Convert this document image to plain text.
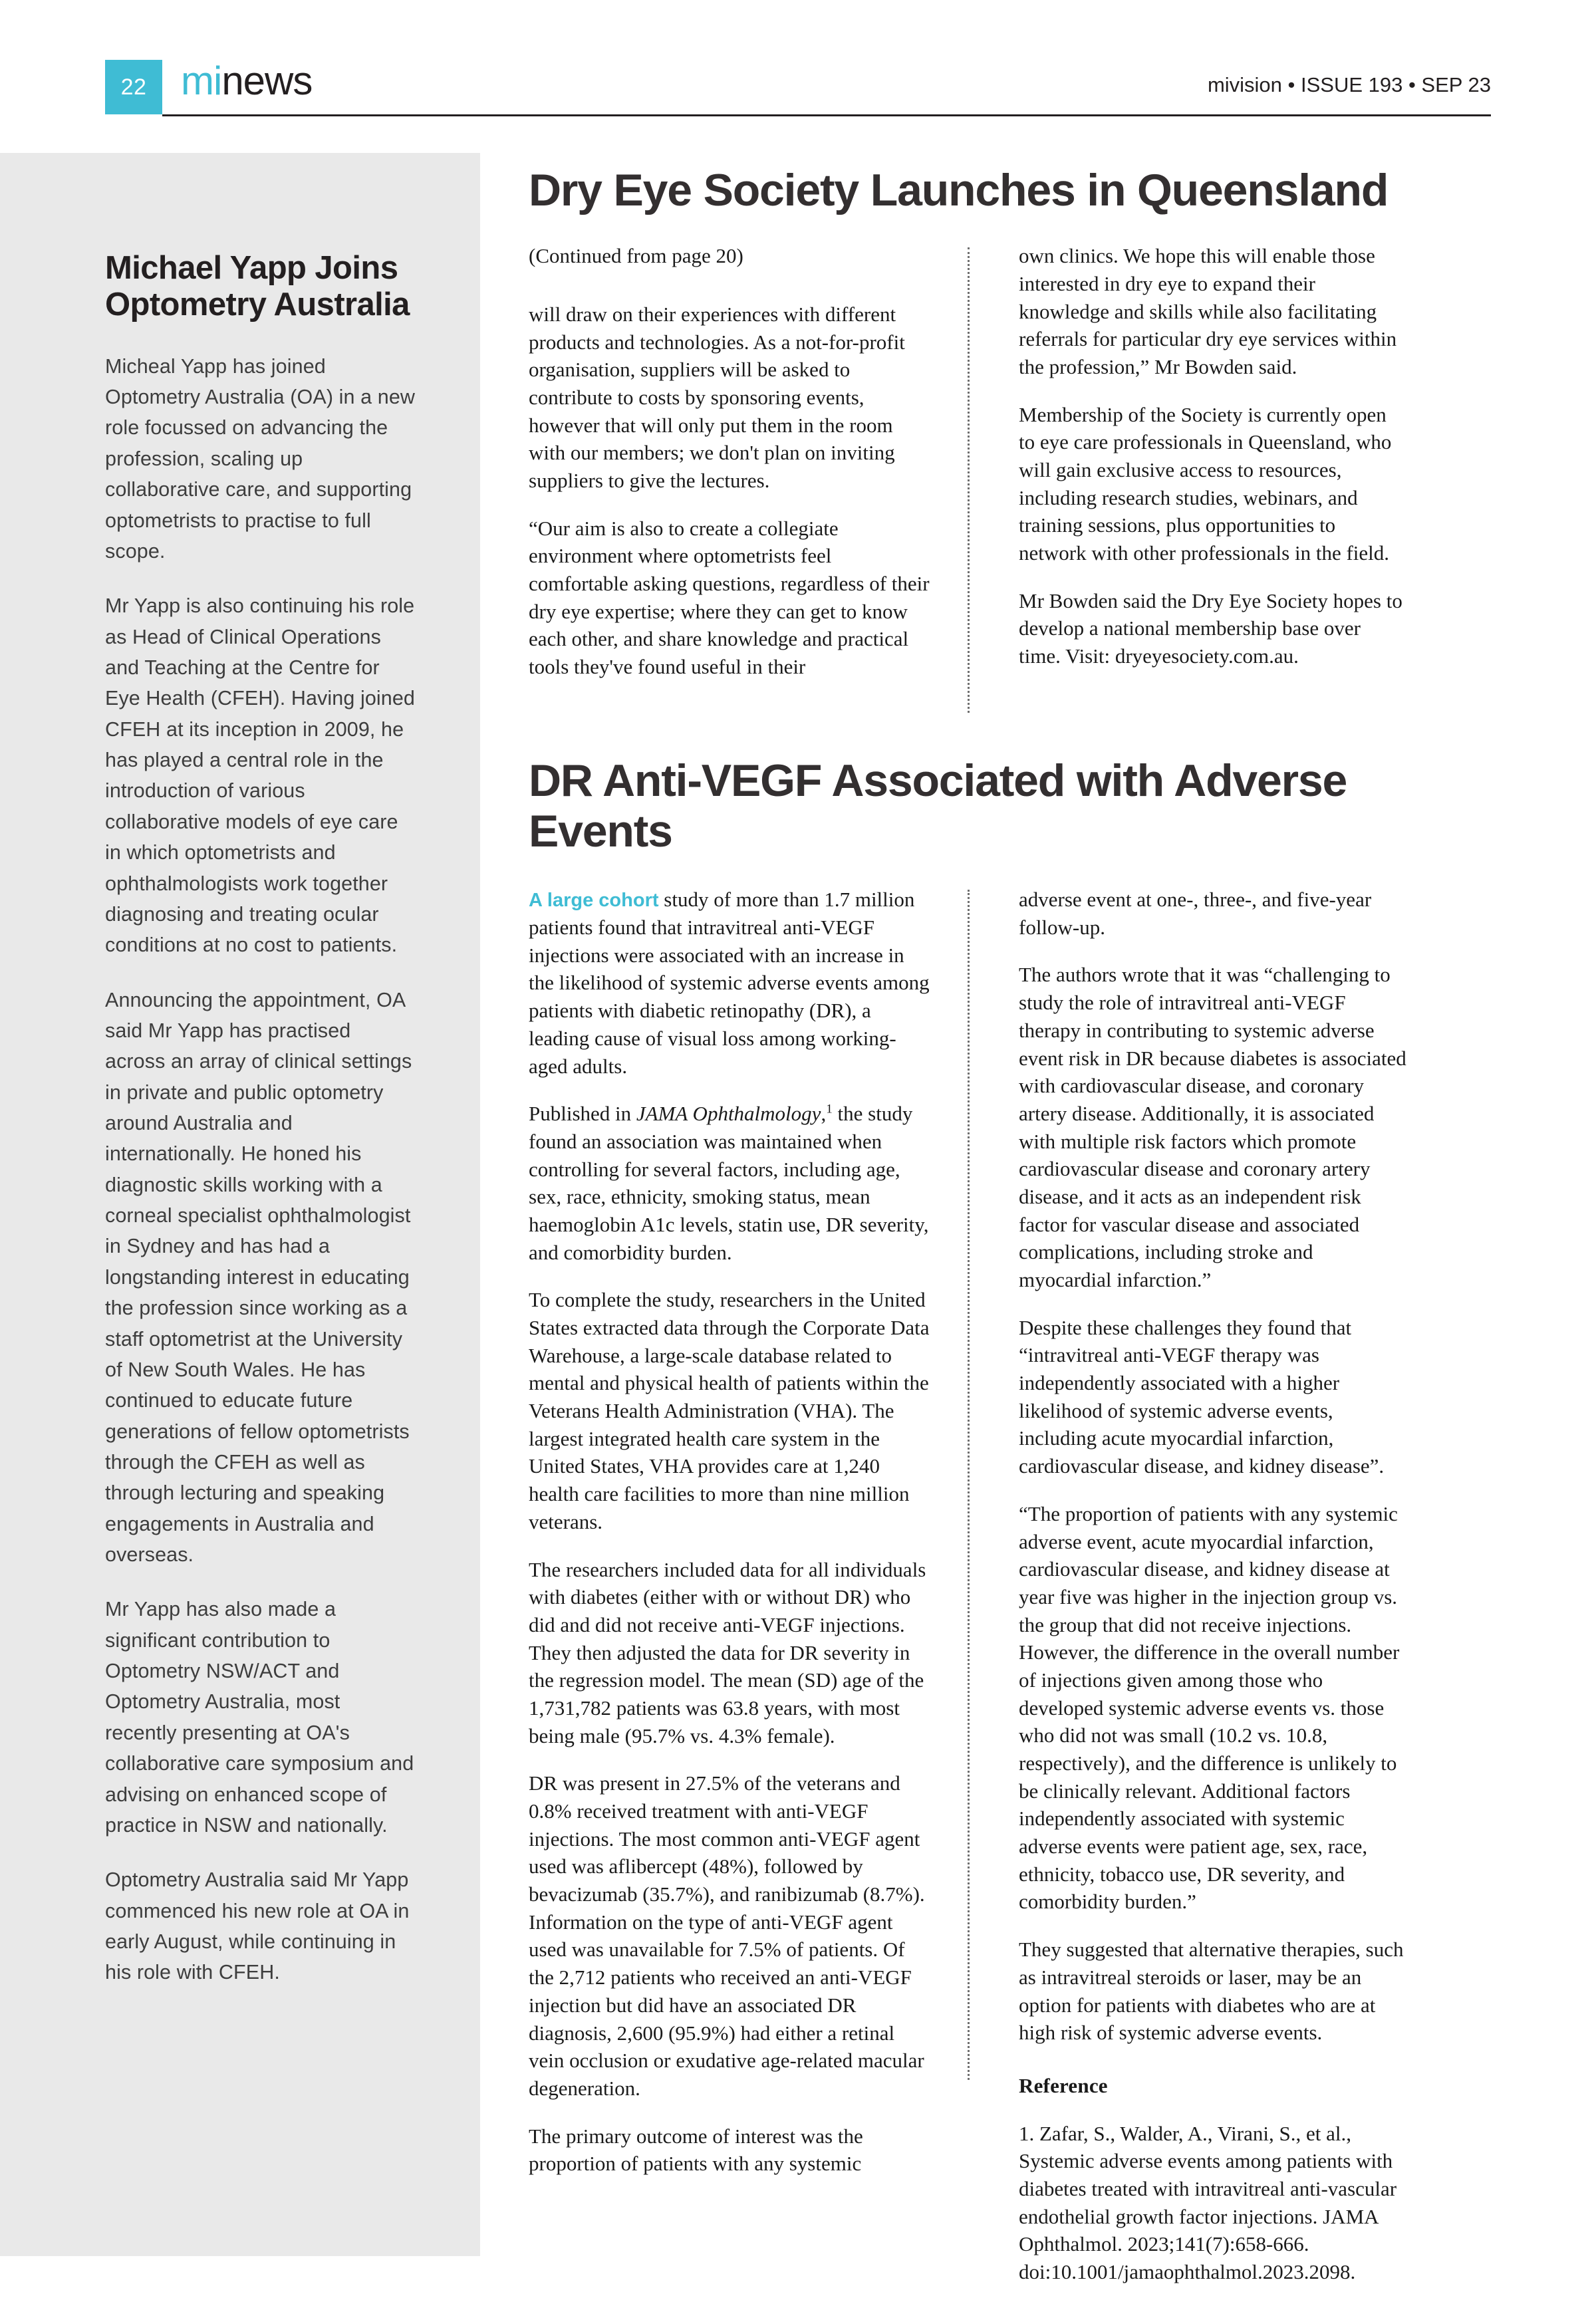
22 minews	mivision • ISSUE 193 • SEP 23
Michael Yapp Joins Optometry Australia

Micheal Yapp has joined Optometry Australia (OA) in a new role focussed on advancing the profession, scaling up collaborative care, and supporting optometrists to practise to full scope.

Mr Yapp is also continuing his role as Head of Clinical Operations and Teaching at the Centre for Eye Health (CFEH). Having joined CFEH at its inception in 2009, he has played a central role in the introduction of various collaborative models of eye care in which optometrists and ophthalmologists work together diagnosing and treating ocular conditions at no cost to patients.

Announcing the appointment, OA said Mr Yapp has practised across an array of clinical settings in private and public optometry around Australia and internationally. He honed his diagnostic skills working with a corneal specialist ophthalmologist in Sydney and has had a longstanding interest in educating the profession since working as a staff optometrist at the University of New South Wales. He has continued to educate future generations of fellow optometrists through the CFEH as well as through lecturing and speaking engagements in Australia and overseas.

Mr Yapp has also made a significant contribution to Optometry NSW/ACT and Optometry Australia, most recently presenting at OA's collaborative care symposium and advising on enhanced scope of practice in NSW and nationally.

Optometry Australia said Mr Yapp commenced his new role at OA in early August, while continuing in his role with CFEH.

Dry Eye Society Launches in Queensland

(Continued from page 20)

will draw on their experiences with different products and technologies. As a not-for-profit organisation, suppliers will be asked to contribute to costs by sponsoring events, however that will only put them in the room with our members; we don't plan on inviting suppliers to give the lectures.

“Our aim is also to create a collegiate environment where optometrists feel comfortable asking questions, regardless of their dry eye expertise; where they can get to know each other, and share knowledge and practical tools they've found useful in their

own clinics. We hope this will enable those interested in dry eye to expand their knowledge and skills while also facilitating referrals for particular dry eye services within the profession,” Mr Bowden said.

Membership of the Society is currently open to eye care professionals in Queensland, who will gain exclusive access to resources, including research studies, webinars, and training sessions, plus opportunities to network with other professionals in the field.

Mr Bowden said the Dry Eye Society hopes to develop a national membership base over time. Visit: dryeyesociety.com.au.

DR Anti-VEGF Associated with Adverse Events

A large cohort study of more than 1.7 million patients found that intravitreal anti-VEGF injections were associated with an increase in the likelihood of systemic adverse events among patients with diabetic retinopathy (DR), a leading cause of visual loss among working-aged adults.

Published in JAMA Ophthalmology,$^1$ the study found an association was maintained when controlling for several factors, including age, sex, race, ethnicity, smoking status, mean haemoglobin A1c levels, statin use, DR severity, and comorbidity burden.

To complete the study, researchers in the United States extracted data through the Corporate Data Warehouse, a large-scale database related to mental and physical health of patients within the Veterans Health Administration (VHA). The largest integrated health care system in the United States, VHA provides care at 1,240 health care facilities to more than nine million veterans.

The researchers included data for all individuals with diabetes (either with or without DR) who did and did not receive anti-VEGF injections. They then adjusted the data for DR severity in the regression model. The mean (SD) age of the 1,731,782 patients was 63.8 years, with most being male (95.7% vs. 4.3% female).

DR was present in 27.5% of the veterans and 0.8% received treatment with anti-VEGF injections. The most common anti-VEGF agent used was aflibercept (48%), followed by bevacizumab (35.7%), and ranibizumab (8.7%). Information on the type of anti-VEGF agent used was unavailable for 7.5% of patients. Of the 2,712 patients who received an anti-VEGF injection but did have an associated DR diagnosis, 2,600 (95.9%) had either a retinal vein occlusion or exudative age-related macular degeneration.

The primary outcome of interest was the proportion of patients with any systemic

adverse event at one-, three-, and five-year follow-up.

The authors wrote that it was “challenging to study the role of intravitreal anti-VEGF therapy in contributing to systemic adverse event risk in DR because diabetes is associated with cardiovascular disease, and coronary artery disease. Additionally, it is associated with multiple risk factors which promote cardiovascular disease and coronary artery disease, and it acts as an independent risk factor for vascular disease and associated complications, including stroke and myocardial infarction.”

Despite these challenges they found that “intravitreal anti-VEGF therapy was independently associated with a higher likelihood of systemic adverse events, including acute myocardial infarction, cardiovascular disease, and kidney disease”.

“The proportion of patients with any systemic adverse event, acute myocardial infarction, cardiovascular disease, and kidney disease at year five was higher in the injection group vs. the group that did not receive injections. However, the difference in the overall number of injections given among those who developed systemic adverse events vs. those who did not was small (10.2 vs. 10.8, respectively), and the difference is unlikely to be clinically relevant. Additional factors independently associated with systemic adverse events were patient age, sex, race, ethnicity, tobacco use, DR severity, and comorbidity burden.”

They suggested that alternative therapies, such as intravitreal steroids or laser, may be an option for patients with diabetes who are at high risk of systemic adverse events.

Reference

1. Zafar, S., Walder, A., Virani, S., et al., Systemic adverse events among patients with diabetes treated with intravitreal anti-vascular endothelial growth factor injections. JAMA Ophthalmol. 2023;141(7):658-666. doi:10.1001/jamaophthalmol.2023.2098.
